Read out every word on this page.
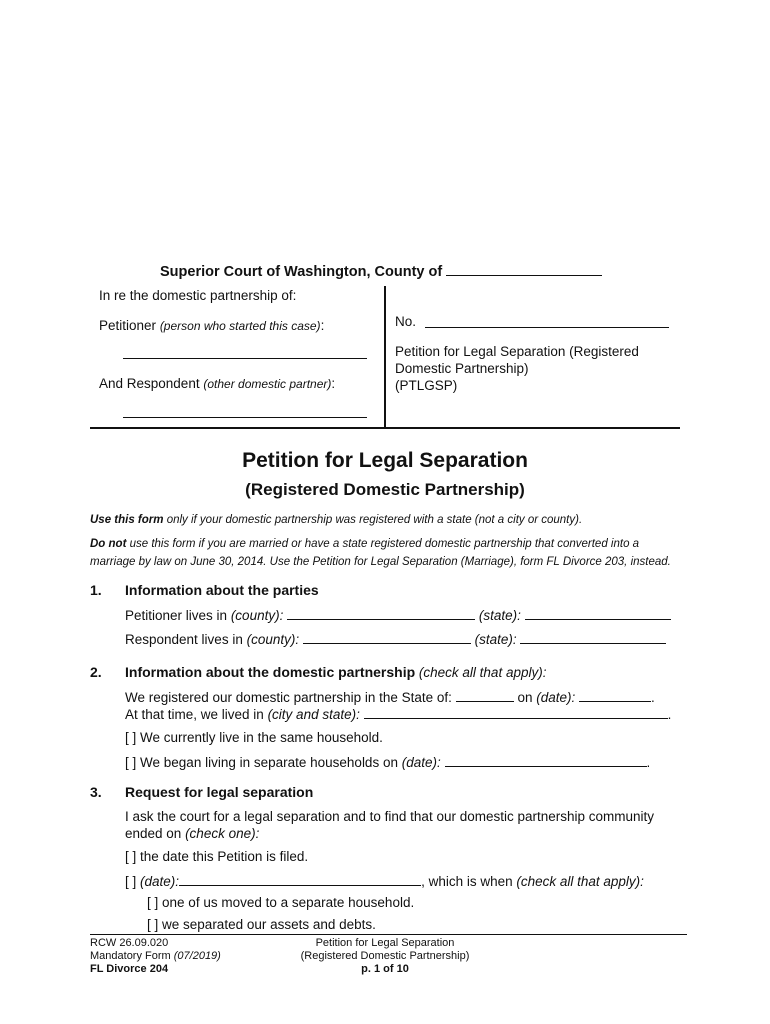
Superior Court of Washington, County of
In re the domestic partnership of:
Petitioner (person who started this case):
And Respondent (other domestic partner):
No.
Petition for Legal Separation (Registered
Domestic Partnership)
(PTLGSP)
Petition for Legal Separation
(Registered Domestic Partnership)
Use this form only if your domestic partnership was registered with a state (not a city or county).
Do not use this form if you are married or have a state registered domestic partnership that converted into a
marriage by law on June 30, 2014. Use the Petition for Legal Separation (Marriage), form FL Divorce 203, instead.
1. Information about the parties
Petitioner lives in (county):	(state):
Respondent lives in (county):	(state):
2. Information about the domestic partnership (check all that apply):
We registered our domestic partnership in the State of:	on (date):	.
At that time, we lived in (city and state):	.
[ ] We currently live in the same household.
[ ] We began living in separate households on (date):	.
3. Request for legal separation
I ask the court for a legal separation and to find that our domestic partnership community
ended on (check one):
[ ] the date this Petition is filed.
[ ] (date):	, which is when (check all that apply):
[ ] one of us moved to a separate household.
[ ] we separated our assets and debts.
RCW 26.09.020
Mandatory Form (07/2019)
FL Divorce 204
Petition for Legal Separation
(Registered Domestic Partnership)
p. 1 of 10
